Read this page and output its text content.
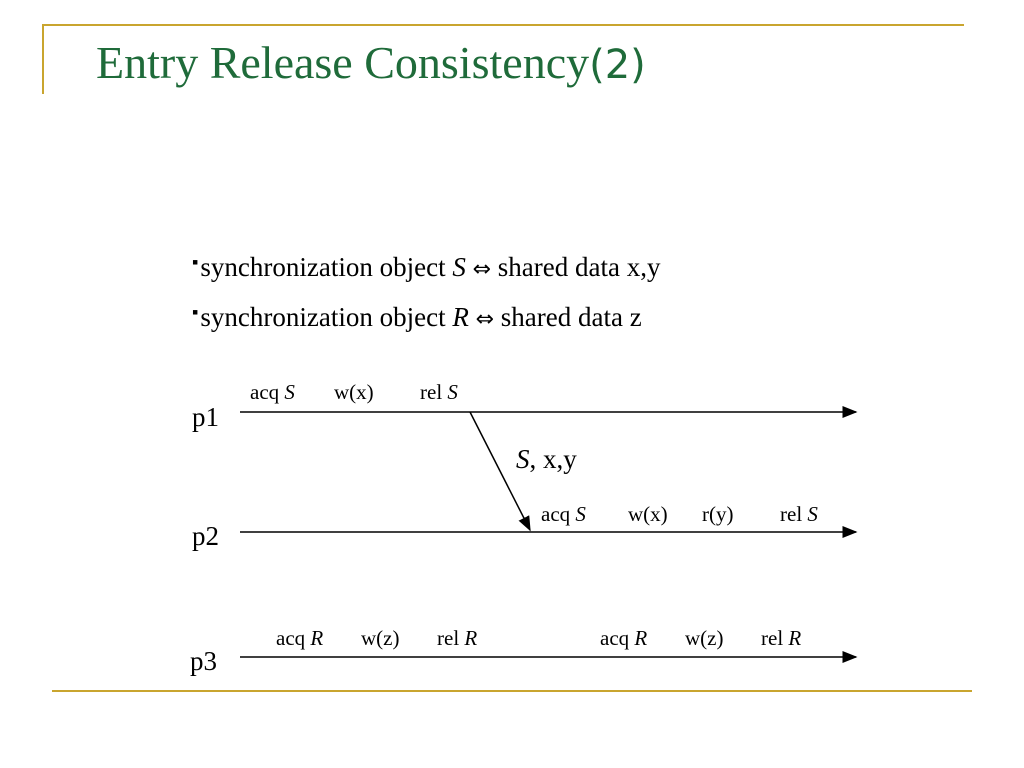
Entry Release Consistency(2)
▪synchronization object S ⇔ shared data x,y
▪synchronization object R ⇔ shared data z
p1
p2
p3
acq S w(x) rel S
S, x,y
acq S w(x) r(y) rel S
acq R w(z) rel R	acq R w(z) rel R
